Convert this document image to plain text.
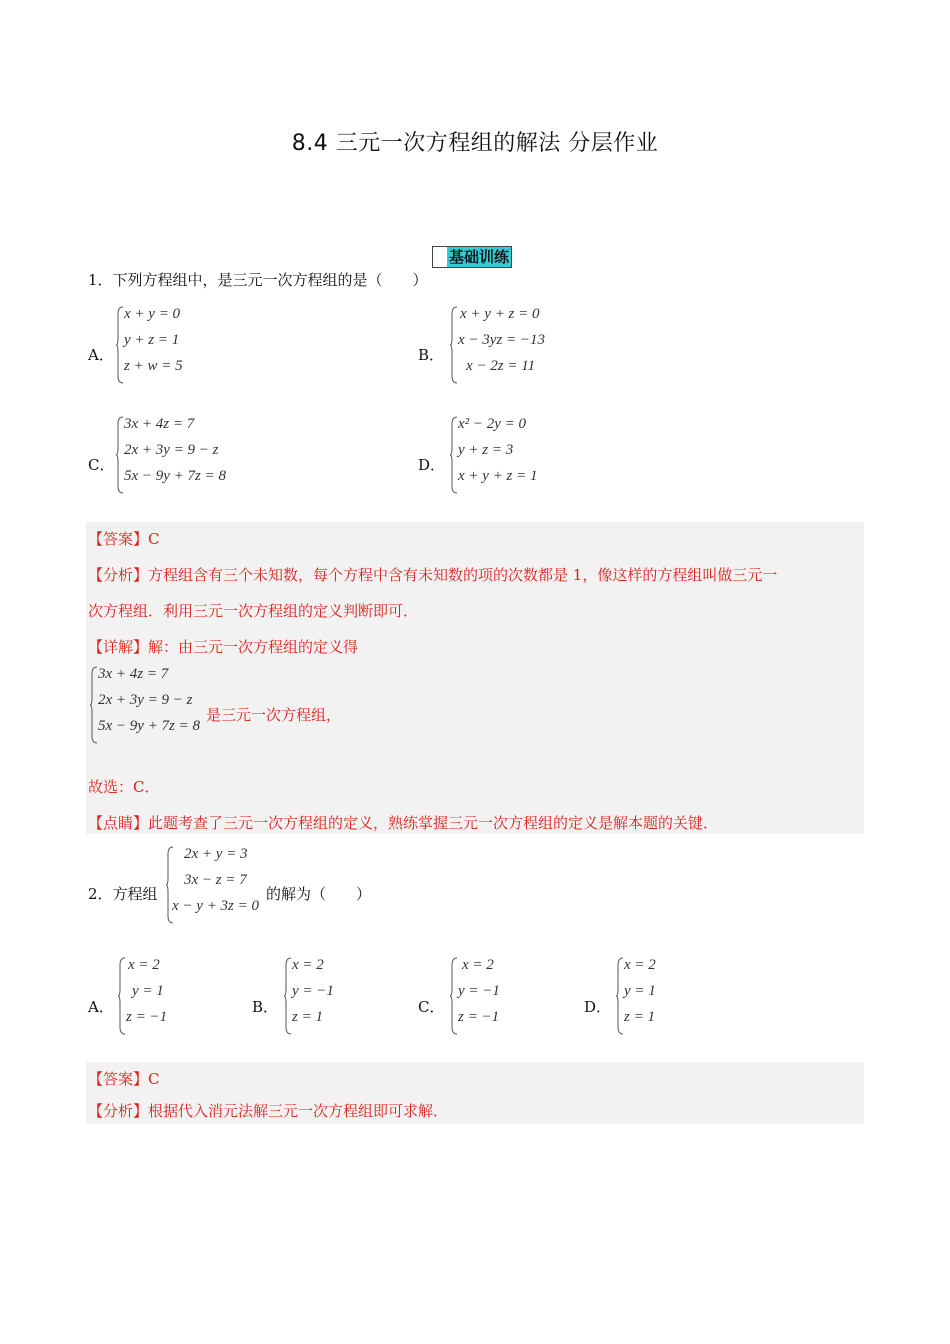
8.4 三元一次方程组的解法 分层作业
基础训练
1．下列方程组中，是三元一次方程组的是（　　）
A．
x + y = 0
y + z = 1
z + w = 5
B．
x + y + z = 0
x − 3yz = −13
x − 2z = 11
C．
3x + 4z = 7
2x + 3y = 9 − z
5x − 9y + 7z = 8
D．
x² − 2y = 0
y + z = 3
x + y + z = 1
【答案】C
【分析】方程组含有三个未知数，每个方程中含有未知数的项的次数都是 1，像这样的方程组叫做三元一
次方程组．利用三元一次方程组的定义判断即可．
【详解】解：由三元一次方程组的定义得
3x + 4z = 7
2x + 3y = 9 − z
5x − 9y + 7z = 8
是三元一次方程组，
故选：C．
【点睛】此题考查了三元一次方程组的定义，熟练掌握三元一次方程组的定义是解本题的关键．
2．方程组
2x + y = 3
3x − z = 7
x − y + 3z = 0
的解为（　　）
A．
x = 2
y = 1
z = −1
B．
x = 2
y = −1
z = 1
C．
x = 2
y = −1
z = −1
D．
x = 2
y = 1
z = 1
【答案】C
【分析】根据代入消元法解三元一次方程组即可求解．
